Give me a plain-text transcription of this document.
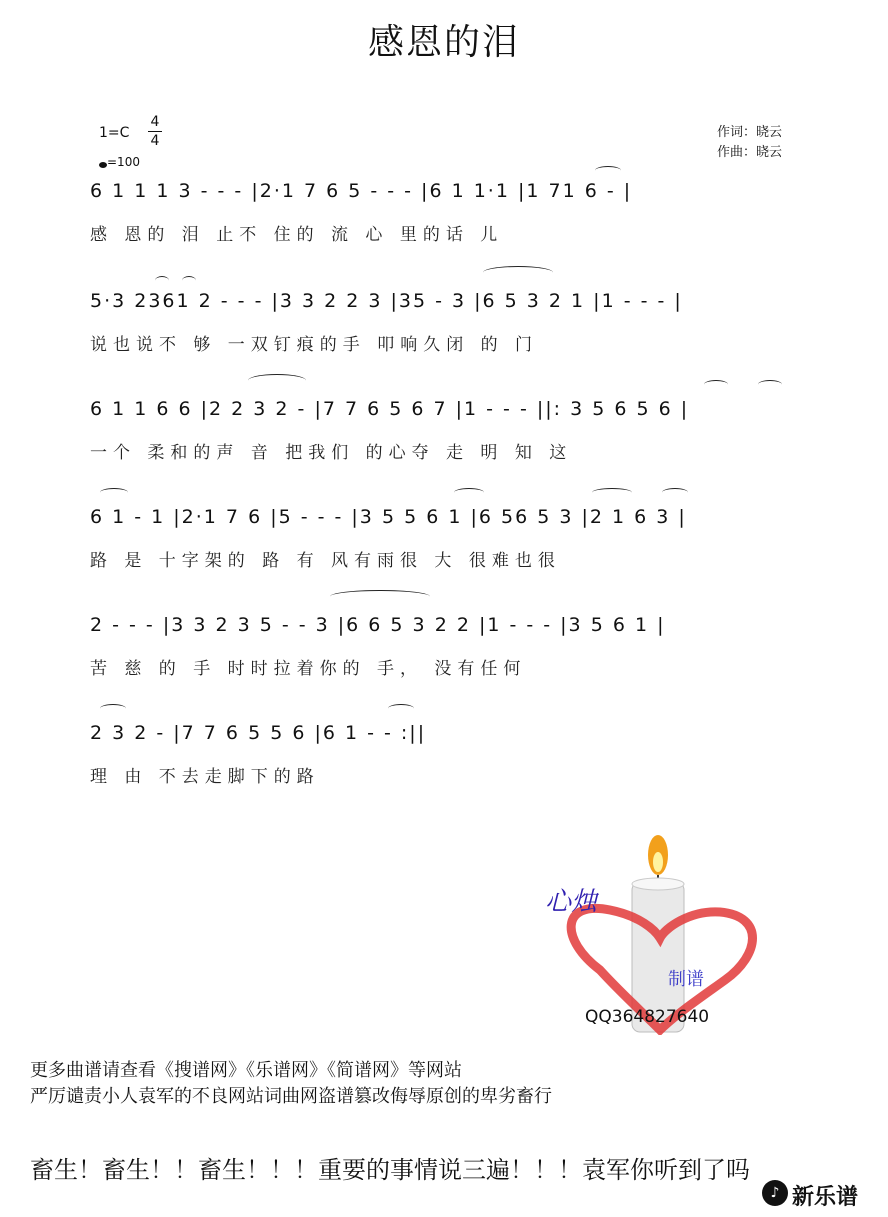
感恩的泪
1=C
4
4
=100
作词：晓云
作曲：晓云
6 1 1 1 3 - - - |2·1 7 6 5 - - - |6 1 1·1 |1 71 6 - |
感 恩的 泪 止不 住的 流 心 里的话 儿
5·3 2361 2 - - - |3 3 2 2 3 |35 - 3 |6 5 3 2 1 |1 - - - |
说也说不 够 一双钉痕的手 叩响久闭 的 门
6 1 1 6 6 |2 2 3 2 - |7 7 6 5 6 7 |1 - - - ||: 3 5 6 5 6 |
一个 柔和的声 音 把我们 的心夺 走 明 知 这
6 1 - 1 |2·1 7 6 |5 - - - |3 5 5 6 1 |6 56 5 3 |2 1 6 3 |
路 是 十字架的 路 有 风有雨很 大 很难也很
2 - - - |3 3 2 3 5 - - 3 |6 6 5 3 2 2 |1 - - - |3 5 6 1 |
苦 慈 的 手 时时拉着你的 手， 没有任何
2 3 2 - |7 7 6 5 5 6 |6 1 - - :||
理 由 不去走脚下的路
心烛
制谱
QQ364827640
更多曲谱请查看《搜谱网》《乐谱网》《简谱网》等网站
严厉谴责小人袁军的不良网站词曲网盗谱篡改侮辱原创的卑劣畜行
畜生！畜生！！畜生！！！重要的事情说三遍！！！袁军你听到了吗
♪ 新乐谱
